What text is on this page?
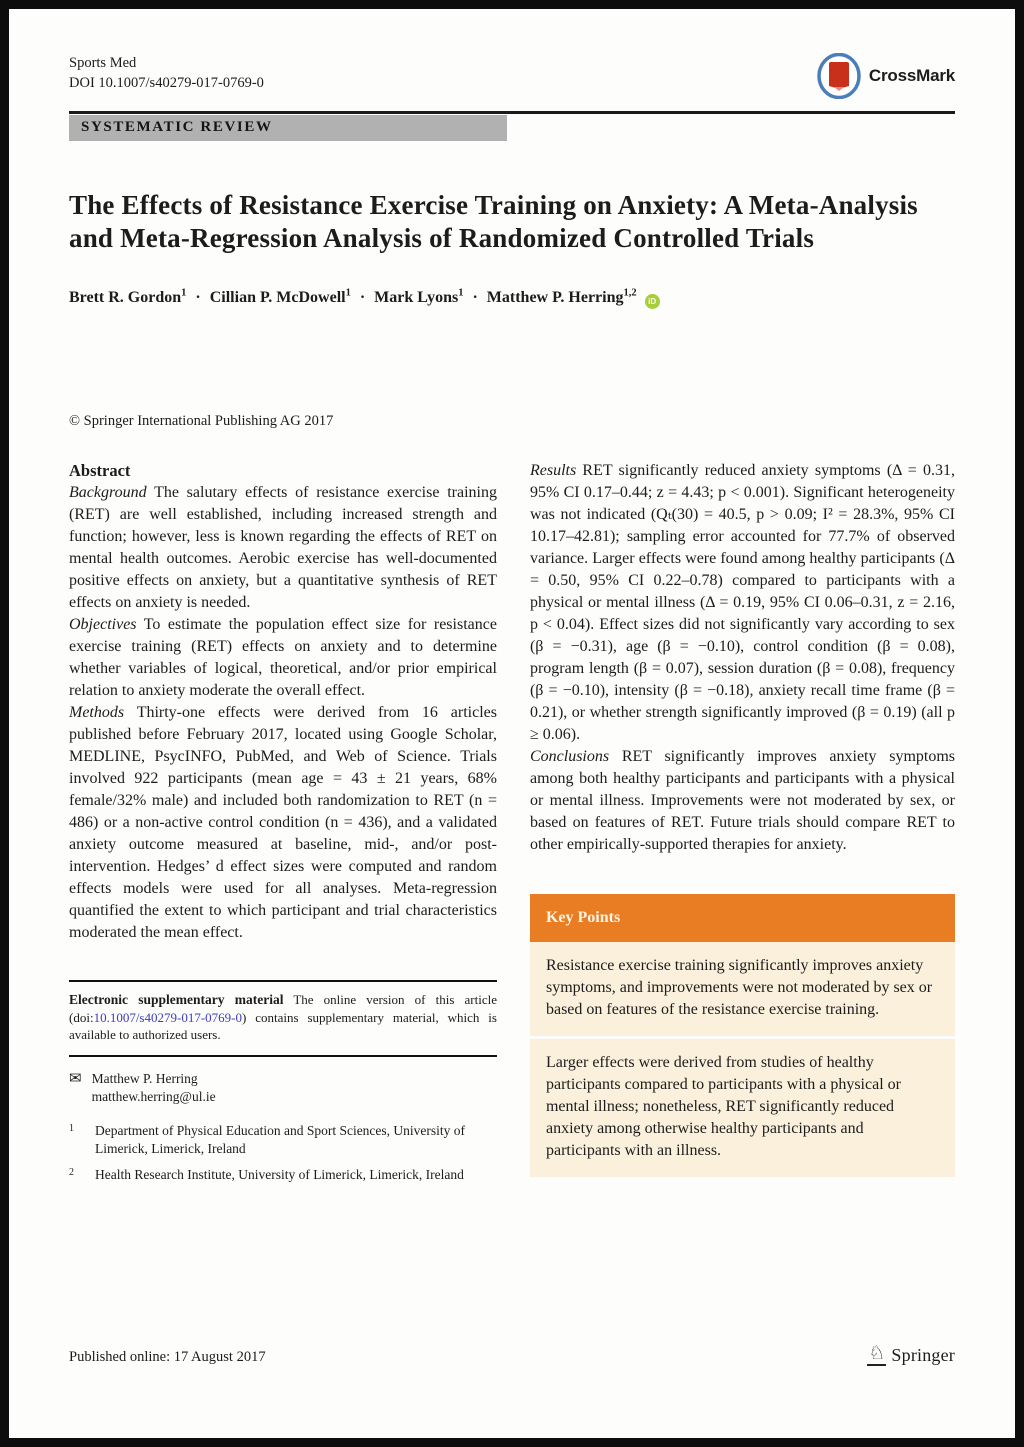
Sports Med
DOI 10.1007/s40279-017-0769-0	CrossMark
SYSTEMATIC REVIEW
The Effects of Resistance Exercise Training on Anxiety: A Meta-Analysis and Meta-Regression Analysis of Randomized Controlled Trials
Brett R. Gordon$^1$ · Cillian P. McDowell$^1$ · Mark Lyons$^1$ · Matthew P. Herring$^{1,2}$ iD
© Springer International Publishing AG 2017
Abstract

Background The salutary effects of resistance exercise training (RET) are well established, including increased strength and function; however, less is known regarding the effects of RET on mental health outcomes. Aerobic exercise has well-documented positive effects on anxiety, but a quantitative synthesis of RET effects on anxiety is needed.

Objectives To estimate the population effect size for resistance exercise training (RET) effects on anxiety and to determine whether variables of logical, theoretical, and/or prior empirical relation to anxiety moderate the overall effect.

Methods Thirty-one effects were derived from 16 articles published before February 2017, located using Google Scholar, MEDLINE, PsycINFO, PubMed, and Web of Science. Trials involved 922 participants (mean age = 43 ± 21 years, 68% female/32% male) and included both randomization to RET (n = 486) or a non-active control condition (n = 436), and a validated anxiety outcome measured at baseline, mid-, and/or post-intervention. Hedges’ d effect sizes were computed and random effects models were used for all analyses. Meta-regression quantified the extent to which participant and trial characteristics moderated the mean effect.

Electronic supplementary material The online version of this article (doi:10.1007/s40279-017-0769-0) contains supplementary material, which is available to authorized users.
✉ Matthew P. Herring
matthew.herring@ul.ie
1	Department of Physical Education and Sport Sciences, University of Limerick, Limerick, Ireland
2	Health Research Institute, University of Limerick, Limerick, Ireland

Results RET significantly reduced anxiety symptoms (Δ = 0.31, 95% CI 0.17–0.44; z = 4.43; p < 0.001). Significant heterogeneity was not indicated (Qₜ(30) = 40.5, p > 0.09; I² = 28.3%, 95% CI 10.17–42.81); sampling error accounted for 77.7% of observed variance. Larger effects were found among healthy participants (Δ = 0.50, 95% CI 0.22–0.78) compared to participants with a physical or mental illness (Δ = 0.19, 95% CI 0.06–0.31, z = 2.16, p < 0.04). Effect sizes did not significantly vary according to sex (β = −0.31), age (β = −0.10), control condition (β = 0.08), program length (β = 0.07), session duration (β = 0.08), frequency (β = −0.10), intensity (β = −0.18), anxiety recall time frame (β = 0.21), or whether strength significantly improved (β = 0.19) (all p ≥ 0.06).

Conclusions RET significantly improves anxiety symptoms among both healthy participants and participants with a physical or mental illness. Improvements were not moderated by sex, or based on features of RET. Future trials should compare RET to other empirically-supported therapies for anxiety.

Key Points
Resistance exercise training significantly improves anxiety symptoms, and improvements were not moderated by sex or based on features of the resistance exercise training.
Larger effects were derived from studies of healthy participants compared to participants with a physical or mental illness; nonetheless, RET significantly reduced anxiety among otherwise healthy participants and participants with an illness.
Published online: 17 August 2017	♘ Springer
